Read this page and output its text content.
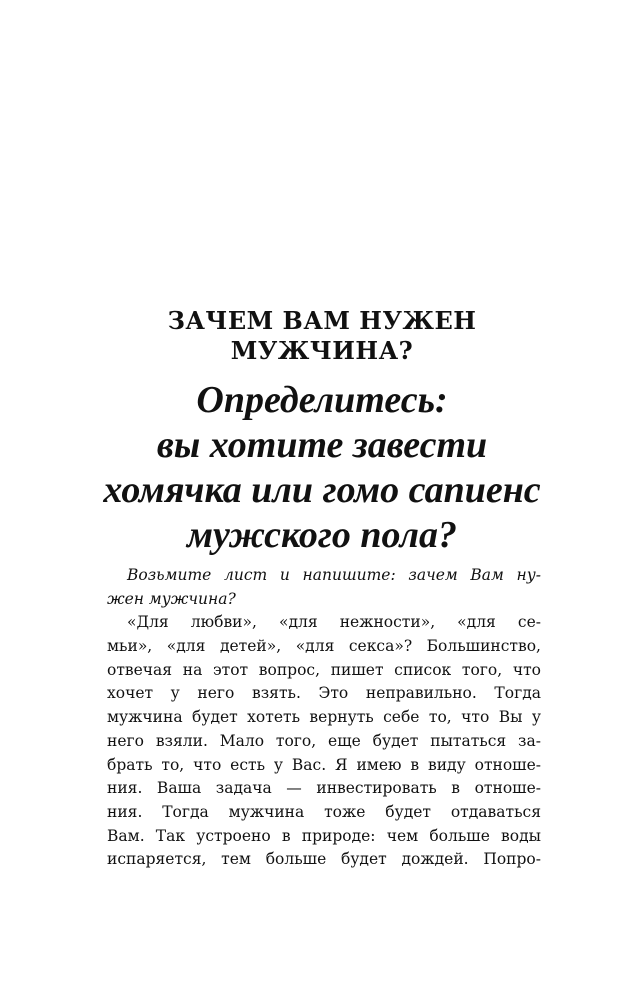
ЗАЧЕМ ВАМ НУЖЕН
МУЖЧИНА?
Определитесь:
вы хотите завести
хомячка или гомо сапиенс
мужского пола?
Возьмите лист и напишите: зачем Вам ну-
жен мужчина?
«Для любви», «для нежности», «для се-
мьи», «для детей», «для секса»? Большинство,
отвечая на этот вопрос, пишет список того, что
хочет у него взять. Это неправильно. Тогда
мужчина будет хотеть вернуть себе то, что Вы у
него взяли. Мало того, еще будет пытаться за-
брать то, что есть у Вас. Я имею в виду отноше-
ния. Ваша задача — инвестировать в отноше-
ния. Тогда мужчина тоже будет отдаваться
Вам. Так устроено в природе: чем больше воды
испаряется, тем больше будет дождей. Попро-
